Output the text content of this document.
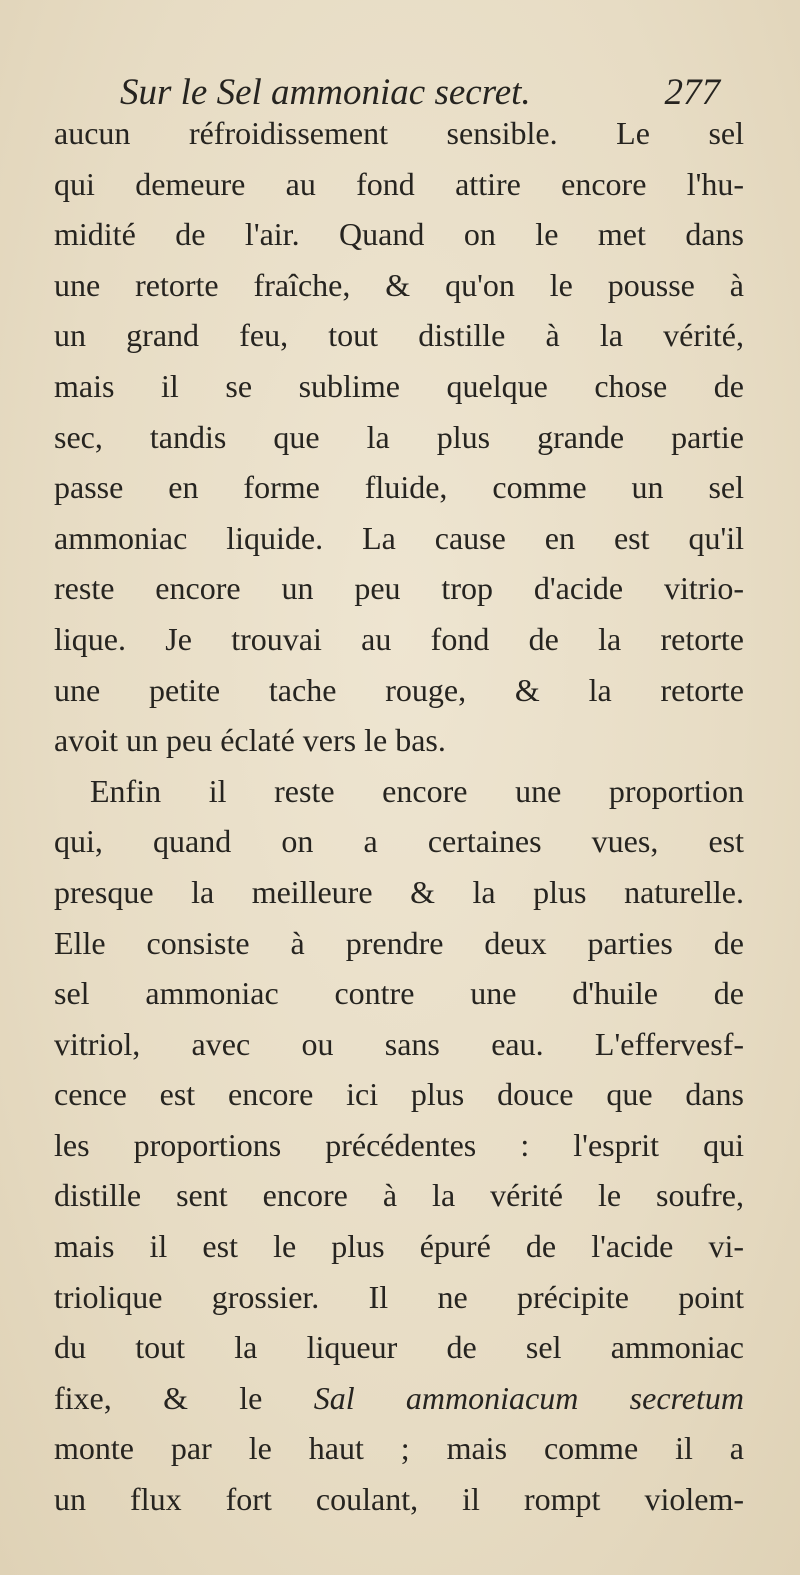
Sur le Sel ammoniac secret.	277
aucun réfroidissement sensible. Le sel
qui demeure au fond attire encore l'hu-
midité de l'air. Quand on le met dans
une retorte fraîche, & qu'on le pousse à
un grand feu, tout distille à la vérité,
mais il se sublime quelque chose de
sec, tandis que la plus grande partie
passe en forme fluide, comme un sel
ammoniac liquide. La cause en est qu'il
reste encore un peu trop d'acide vitrio-
lique. Je trouvai au fond de la retorte
une petite tache rouge, & la retorte
avoit un peu éclaté vers le bas.
Enfin il reste encore une proportion
qui, quand on a certaines vues, est
presque la meilleure & la plus naturelle.
Elle consiste à prendre deux parties de
sel ammoniac contre une d'huile de
vitriol, avec ou sans eau. L'effervesf-
cence est encore ici plus douce que dans
les proportions précédentes : l'esprit qui
distille sent encore à la vérité le soufre,
mais il est le plus épuré de l'acide vi-
triolique grossier. Il ne précipite point
du tout la liqueur de sel ammoniac
fixe, & le Sal ammoniacum secretum
monte par le haut ; mais comme il a
un flux fort coulant, il rompt violem-
